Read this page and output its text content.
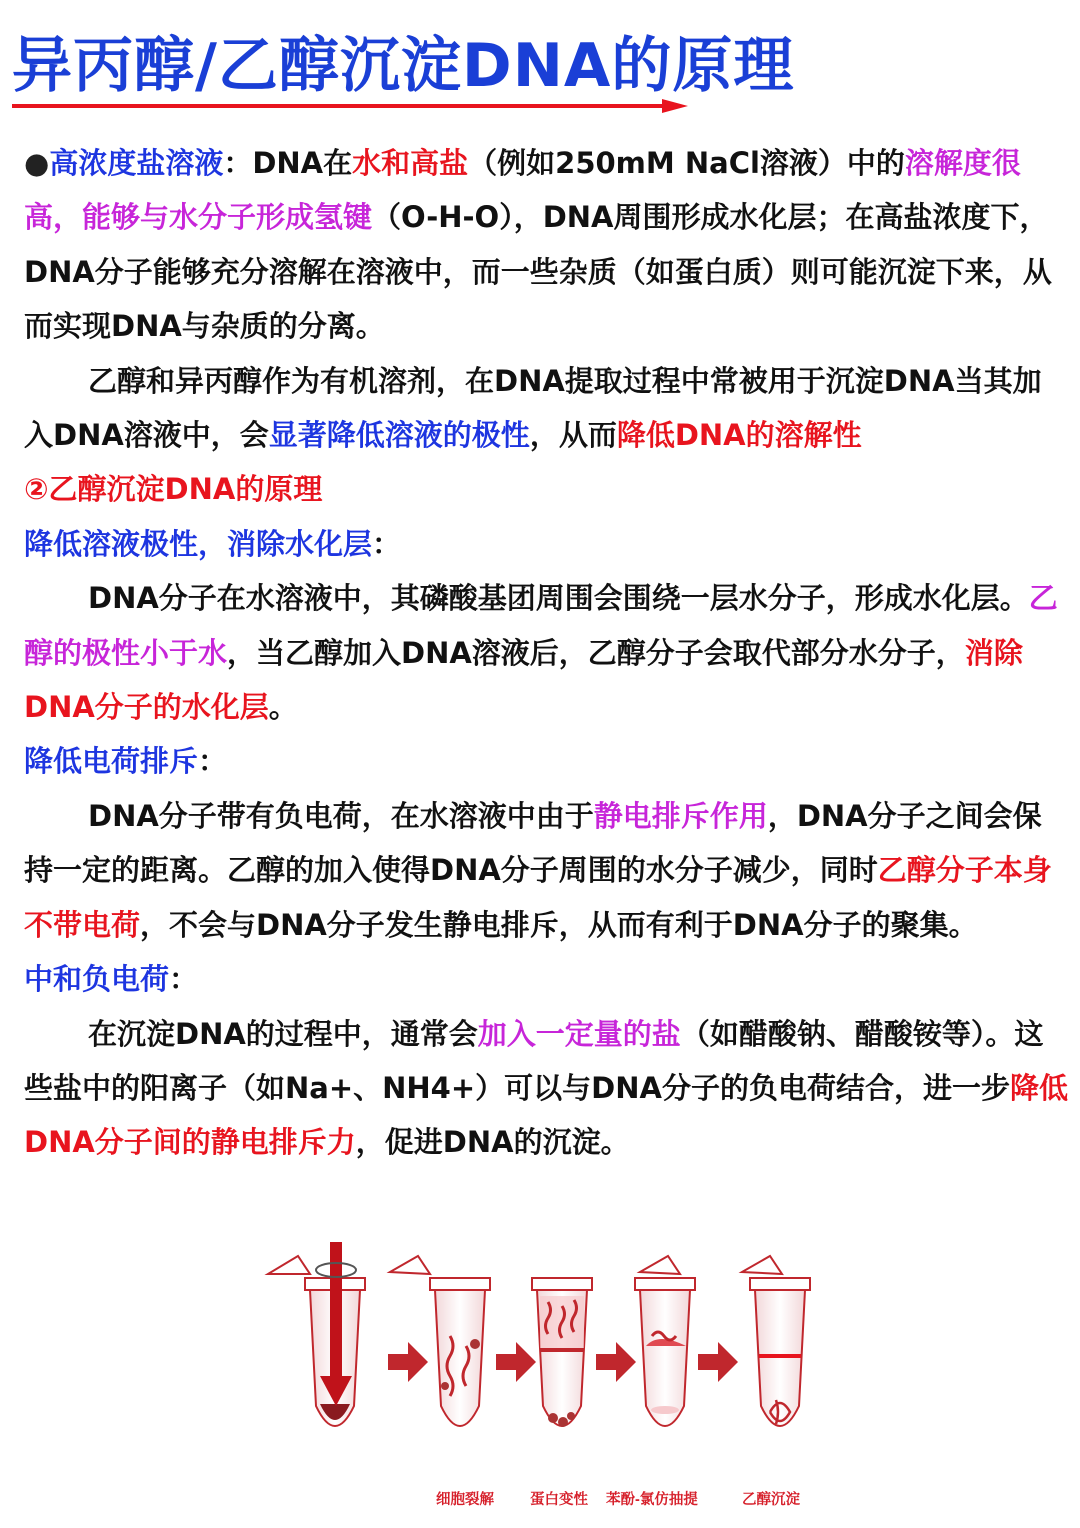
异丙醇/乙醇沉淀DNA的原理

●高浓度盐溶液：DNA在水和高盐（例如250mM NaCl溶液）中的溶解度很高，能够与水分子形成氢键（O-H-O），DNA周围形成水化层；在高盐浓度下，DNA分子能够充分溶解在溶液中，而一些杂质（如蛋白质）则可能沉淀下来，从而实现DNA与杂质的分离。

乙醇和异丙醇作为有机溶剂，在DNA提取过程中常被用于沉淀DNA当其加入DNA溶液中，会显著降低溶液的极性，从而降低DNA的溶解性

②乙醇沉淀DNA的原理

降低溶液极性，消除水化层：

DNA分子在水溶液中，其磷酸基团周围会围绕一层水分子，形成水化层。乙醇的极性小于水，当乙醇加入DNA溶液后，乙醇分子会取代部分水分子，消除DNA分子的水化层。

降低电荷排斥：

DNA分子带有负电荷，在水溶液中由于静电排斥作用，DNA分子之间会保持一定的距离。乙醇的加入使得DNA分子周围的水分子减少，同时乙醇分子本身不带电荷，不会与DNA分子发生静电排斥，从而有利于DNA分子的聚集。

中和负电荷：

在沉淀DNA的过程中，通常会加入一定量的盐（如醋酸钠、醋酸铵等）。这些盐中的阳离子（如Na+、NH4+）可以与DNA分子的负电荷结合，进一步降低DNA分子间的静电排斥力，促进DNA的沉淀。

细胞裂解 蛋白变性 苯酚-氯仿抽提	乙醇沉淀
